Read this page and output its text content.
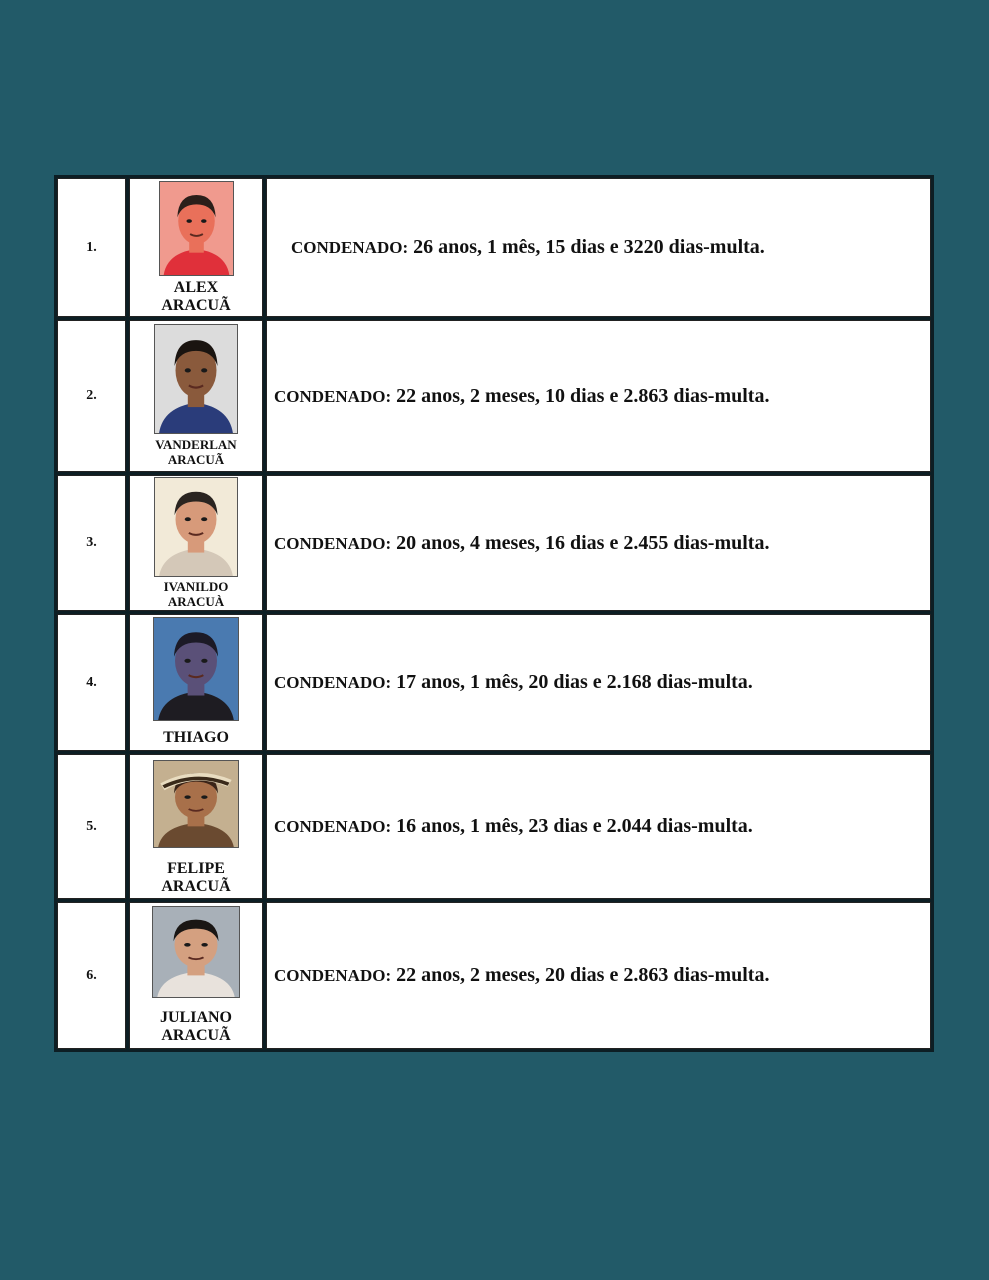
1.
ALEX
ARACUÃ
CONDENADO: 26 anos, 1 mês, 15 dias e 3220 dias-multa.
2.
VANDERLAN
ARACUÃ
CONDENADO: 22 anos, 2 meses, 10 dias e 2.863 dias-multa.
3.
IVANILDO
ARACUÀ
CONDENADO: 20 anos, 4 meses, 16 dias e 2.455 dias-multa.
4.
THIAGO
CONDENADO: 17 anos, 1 mês, 20 dias e 2.168 dias-multa.
5.
FELIPE
ARACUÃ
CONDENADO: 16 anos, 1 mês, 23 dias e 2.044 dias-multa.
6.
JULIANO
ARACUÃ
CONDENADO: 22 anos, 2 meses, 20 dias e 2.863 dias-multa.
